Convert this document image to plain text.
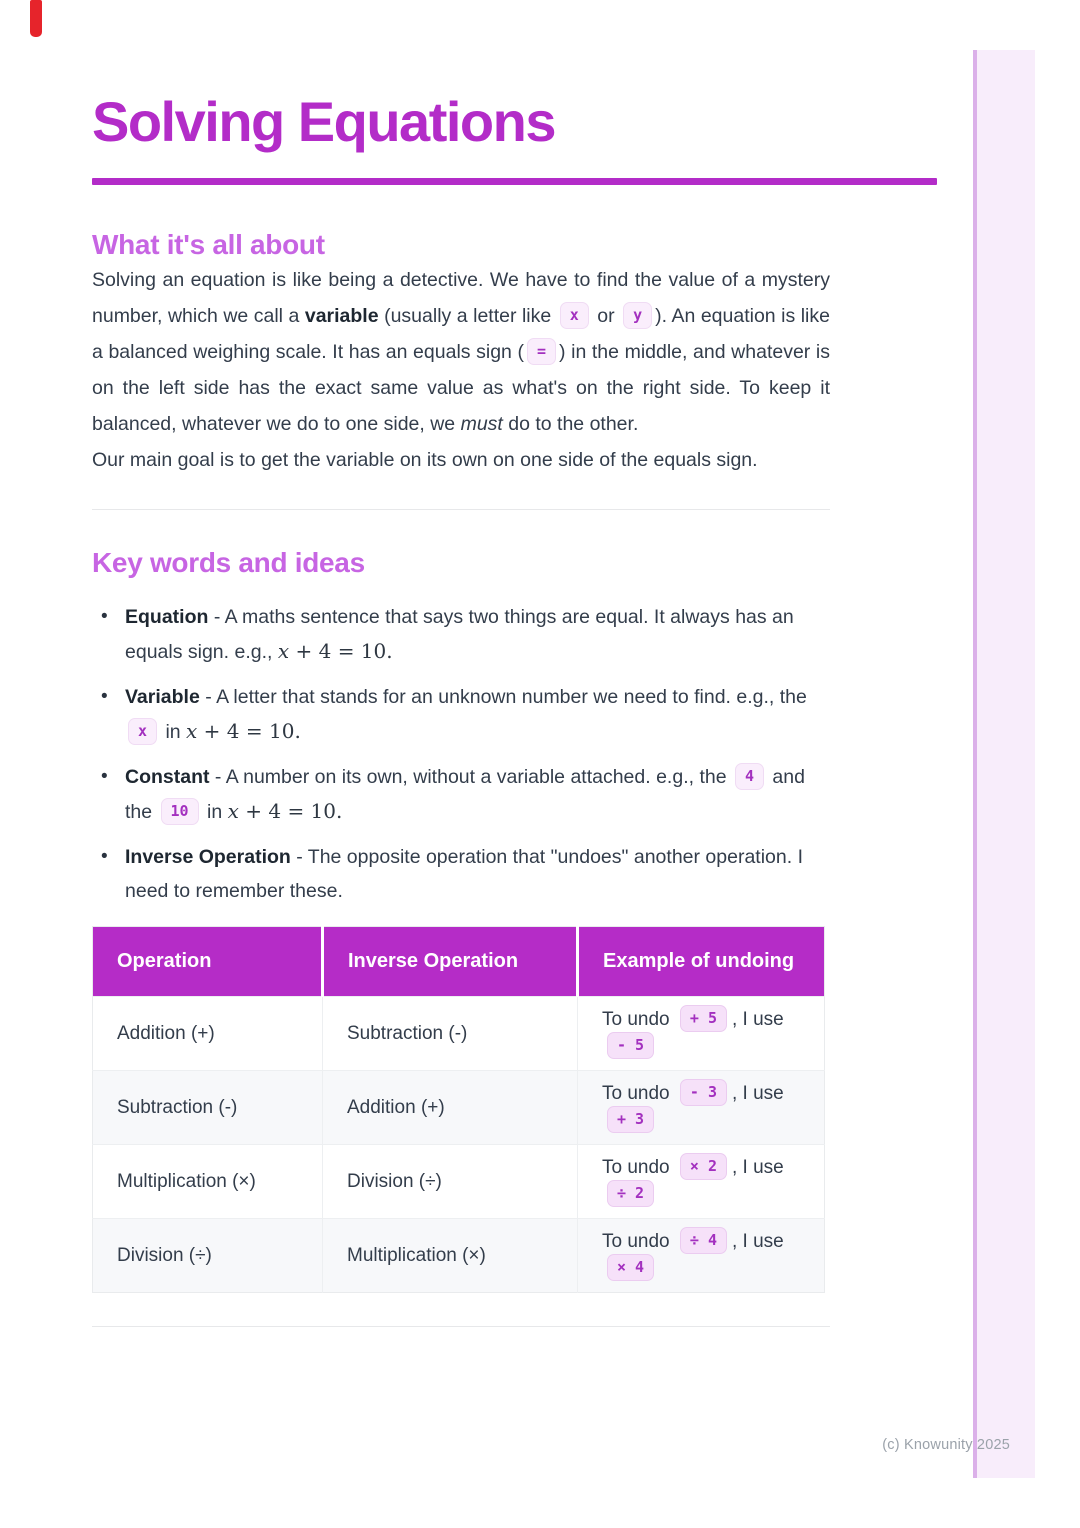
Solving Equations
What it's all about

Solving an equation is like being a detective. We have to find the value of a mystery number, which we call a variable (usually a letter like x or y ). An equation is like a balanced weighing scale. It has an equals sign ( = ) in the middle, and whatever is on the left side has the exact same value as what's on the right side. To keep it balanced, whatever we do to one side, we must do to the other.

Our main goal is to get the variable on its own on one side of the equals sign.

Key words and ideas
• Equation - A maths sentence that says two things are equal. It always has an equals sign. e.g., x + 4 = 10.
• Variable - A letter that stands for an unknown number we need to find. e.g., the x in x + 4 = 10.
• Constant - A number on its own, without a variable attached. e.g., the 4 and the 10 in x + 4 = 10.
• Inverse Operation - The opposite operation that "undoes" another operation. I need to remember these.
Operation	Inverse Operation	Example of undoing
Addition (+)	Subtraction (-)	To undo + 5 , I use - 5
Subtraction (-)	Addition (+)	To undo - 3 , I use + 3
Multiplication (×)	Division (÷)	To undo × 2 , I use ÷ 2
Division (÷)	Multiplication (×)	To undo ÷ 4 , I use × 4
(c) Knowunity 2025
